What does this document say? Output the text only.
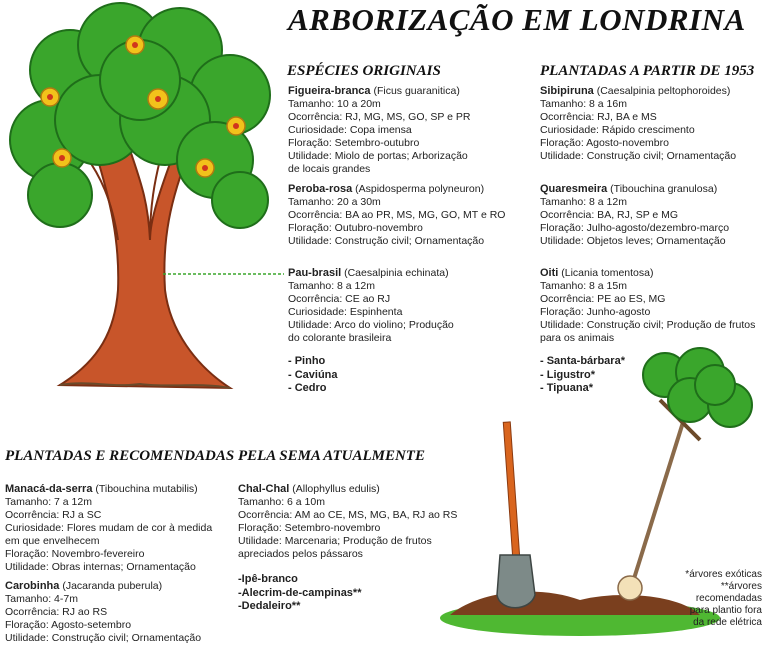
ARBORIZAÇÃO EM LONDRINA
ESPÉCIES ORIGINAIS	PLANTADAS A PARTIR DE 1953
PLANTADAS E RECOMENDADAS PELA SEMA ATUALMENTE
Figueira-branca (Ficus guaranitica)
Tamanho: 10 a 20m
Ocorrência: RJ, MG, MS, GO, SP e PR
Curiosidade: Copa imensa
Floração: Setembro-outubro
Utilidade: Miolo de portas; Arborização
de locais grandes
Peroba-rosa (Aspidosperma polyneuron)
Tamanho: 20 a 30m
Ocorrência: BA ao PR, MS, MG, GO, MT e RO
Floração: Outubro-novembro
Utilidade: Construção civil; Ornamentação
Pau-brasil (Caesalpinia echinata)
Tamanho: 8 a 12m
Ocorrência: CE ao RJ
Curiosidade: Espinhenta
Utilidade: Arco do violino; Produção
do colorante brasileira
- Pinho
- Caviúna
- Cedro
Sibipiruna (Caesalpinia peltophoroides)
Tamanho: 8 a 16m
Ocorrência: RJ, BA e MS
Curiosidade: Rápido crescimento
Floração: Agosto-novembro
Utilidade: Construção civil; Ornamentação
Quaresmeira (Tibouchina granulosa)
Tamanho: 8 a 12m
Ocorrência: BA, RJ, SP e MG
Floração: Julho-agosto/dezembro-março
Utilidade: Objetos leves; Ornamentação
Oiti (Licania tomentosa)
Tamanho: 8 a 15m
Ocorrência: PE ao ES, MG
Floração: Junho-agosto
Utilidade: Construção civil; Produção de frutos
para os animais
- Santa-bárbara*
- Ligustro*
- Tipuana*
Manacá-da-serra (Tibouchina mutabilis)
Tamanho: 7 a 12m
Ocorrência: RJ a SC
Curiosidade: Flores mudam de cor à medida
em que envelhecem
Floração: Novembro-fevereiro
Utilidade: Obras internas; Ornamentação
Carobinha (Jacaranda puberula)
Tamanho: 4-7m
Ocorrência: RJ ao RS
Floração: Agosto-setembro
Utilidade: Construção civil; Ornamentação
Chal-Chal (Allophyllus edulis)
Tamanho: 6 a 10m
Ocorrência: AM ao CE, MS, MG, BA, RJ ao RS
Floração: Setembro-novembro
Utilidade: Marcenaria; Produção de frutos
apreciados pelos pássaros
-Ipê-branco
-Alecrim-de-campinas**
-Dedaleiro**
*árvores exóticas
**árvores
recomendadas
para plantio fora
da rede elétrica
